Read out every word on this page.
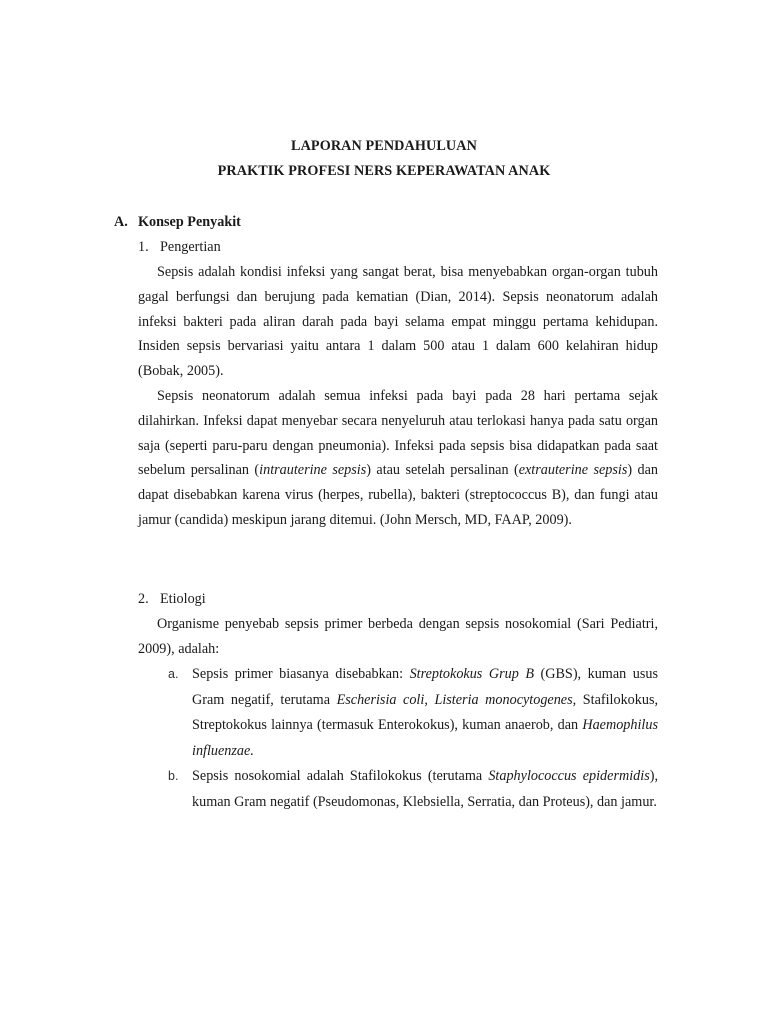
LAPORAN PENDAHULUAN
PRAKTIK PROFESI NERS KEPERAWATAN ANAK
A. Konsep Penyakit
1. Pengertian

Sepsis adalah kondisi infeksi yang sangat berat, bisa menyebabkan organ-organ tubuh gagal berfungsi dan berujung pada kematian (Dian, 2014). Sepsis neonatorum adalah infeksi bakteri pada aliran darah pada bayi selama empat minggu pertama kehidupan. Insiden sepsis bervariasi yaitu antara 1 dalam 500 atau 1 dalam 600 kelahiran hidup (Bobak, 2005).

Sepsis neonatorum adalah semua infeksi pada bayi pada 28 hari pertama sejak dilahirkan. Infeksi dapat menyebar secara nenyeluruh atau terlokasi hanya pada satu organ saja (seperti paru-paru dengan pneumonia). Infeksi pada sepsis bisa didapatkan pada saat sebelum persalinan (intrauterine sepsis) atau setelah persalinan (extrauterine sepsis) dan dapat disebabkan karena virus (herpes, rubella), bakteri (streptococcus B), dan fungi atau jamur (candida) meskipun jarang ditemui. (John Mersch, MD, FAAP, 2009).

2. Etiologi

Organisme penyebab sepsis primer berbeda dengan sepsis nosokomial (Sari Pediatri, 2009), adalah:

a. Sepsis primer biasanya disebabkan: Streptokokus Grup B (GBS), kuman usus Gram negatif, terutama Escherisia coli, Listeria monocytogenes, Stafilokokus, Streptokokus lainnya (termasuk Enterokokus), kuman anaerob, dan Haemophilus influenzae.
b. Sepsis nosokomial adalah Stafilokokus (terutama Staphylococcus epidermidis), kuman Gram negatif (Pseudomonas, Klebsiella, Serratia, dan Proteus), dan jamur.
